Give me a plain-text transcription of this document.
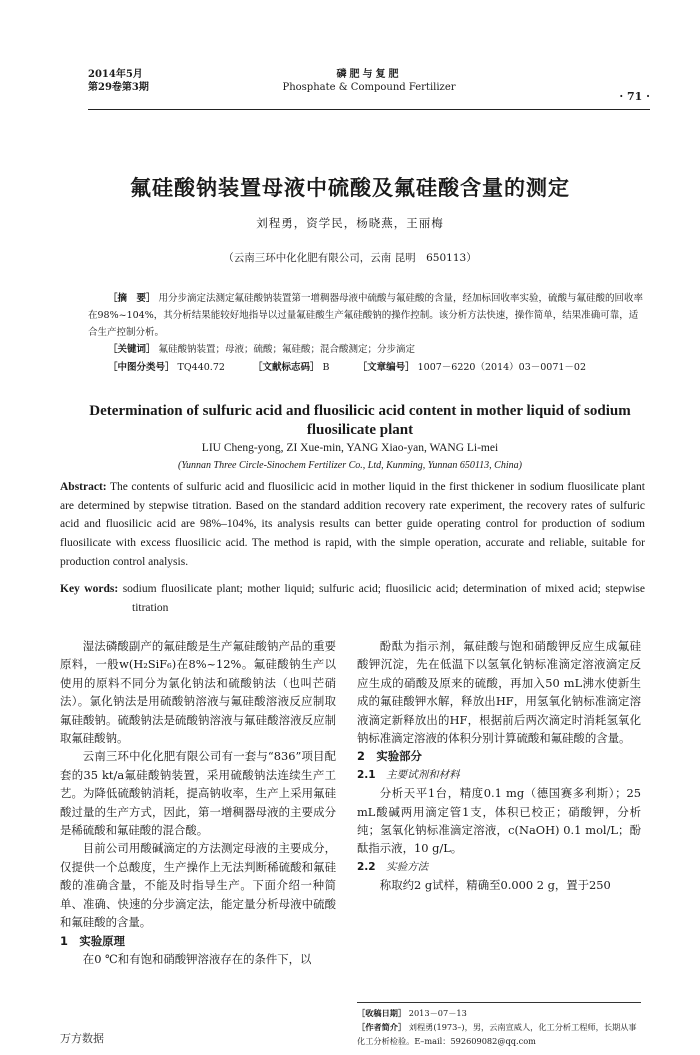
2014年5月
第29卷第3期
磷肥与复肥
Phosphate & Compound Fertilizer
· 71 ·
氟硅酸钠装置母液中硫酸及氟硅酸含量的测定
刘程勇，资学民，杨晓燕，王丽梅
（云南三环中化化肥有限公司，云南 昆明　650113）
［摘　要］ 用分步滴定法测定氟硅酸钠装置第一增稠器母液中硫酸与氟硅酸的含量，经加标回收率实验，硫酸与氟硅酸的回收率在98%~104%，其分析结果能较好地指导以过量氟硅酸生产氟硅酸钠的操作控制。该分析方法快速，操作简单，结果准确可靠，适合生产控制分析。
［关键词］ 氟硅酸钠装置；母液；硫酸；氟硅酸；混合酸测定；分步滴定
［中图分类号］ TQ440.72	［文献标志码］ B	［文章编号］ 1007－6220（2014）03－0071－02
Determination of sulfuric acid and fluosilicic acid content in mother liquid of sodium fluosilicate plant
LIU Cheng-yong, ZI Xue-min, YANG Xiao-yan, WANG Li-mei
(Yunnan Three Circle-Sinochem Fertilizer Co., Ltd, Kunming, Yunnan 650113, China)
Abstract: The contents of sulfuric acid and fluosilicic acid in mother liquid in the first thickener in sodium fluosilicate plant are determined by stepwise titration. Based on the standard addition recovery rate experiment, the recovery rates of sulfuric acid and fluosilicic acid are 98%–104%, its analysis results can better guide operating control for production of sodium fluosilicate with excess fluosilicic acid. The method is rapid, with the simple operation, accurate and reliable, suitable for production control analysis.
Key words: sodium fluosilicate plant; mother liquid; sulfuric acid; fluosilicic acid; determination of mixed acid; stepwise titration

湿法磷酸副产的氟硅酸是生产氟硅酸钠产品的重要原料，一般w(H₂SiF₆)在8%~12%。氟硅酸钠生产以使用的原料不同分为氯化钠法和硫酸钠法（也叫芒硝法）。氯化钠法是用硫酸钠溶液与氟硅酸溶液反应制取氟硅酸钠。硫酸钠法是硫酸钠溶液与氟硅酸溶液反应制取氟硅酸钠。

云南三环中化化肥有限公司有一套与“836”项目配套的35 kt/a氟硅酸钠装置，采用硫酸钠法连续生产工艺。为降低硫酸钠消耗，提高钠收率，生产上采用氟硅酸过量的生产方式，因此，第一增稠器母液的主要成分是稀硫酸和氟硅酸的混合酸。

目前公司用酸碱滴定的方法测定母液的主要成分，仅提供一个总酸度，生产操作上无法判断稀硫酸和氟硅酸的准确含量，不能及时指导生产。下面介绍一种简单、准确、快速的分步滴定法，能定量分析母液中硫酸和氟硅酸的含量。

1　实验原理

在0 ℃和有饱和硝酸钾溶液存在的条件下，以

酚酞为指示剂，氟硅酸与饱和硝酸钾反应生成氟硅酸钾沉淀，先在低温下以氢氧化钠标准滴定溶液滴定反应生成的硝酸及原来的硫酸，再加入50 mL沸水使新生成的氟硅酸钾水解，释放出HF，用氢氧化钠标准滴定溶液滴定新释放出的HF，根据前后两次滴定时消耗氢氧化钠标准滴定溶液的体积分别计算硫酸和氟硅酸的含量。

2　实验部分
2.1　 主要试剂和材料

分析天平1台，精度0.1 mg（德国赛多利斯）；25 mL酸碱两用滴定管1支，体积已校正；硝酸钾，分析纯；氢氧化钠标准滴定溶液，c(NaOH) 0.1 mol/L；酚酞指示液，10 g/L。

2.2　 实验方法

称取约2 g试样，精确至0.000 2 g，置于250

［收稿日期］ 2013－07－13
［作者简介］ 刘程勇(1973–)，男，云南宣威人，化工分析工程师，长期从事化工分析检验。E–mail：592609082@qq.com
万方数据
